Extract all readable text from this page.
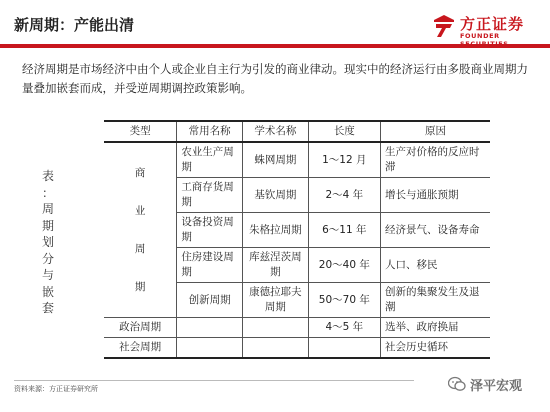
新周期：产能出清	方正证券
FOUNDER
经济周期是市场经济中由个人或企业自主行为引发的商业律动。现实中的经济运行由多股商业周期力量叠加嵌套而成，并受逆周期调控政策影响。
表
：
周
期
划
分
与
嵌
套
类型	常用名称	学术名称	长度	原因

商
业
周
期	农业生产周期	蛛网周期	1～12 月	生产对价格的反应时滞
	工商存货周期	基钦周期	2～4 年	增长与通胀预期
	设备投资周期	朱格拉周期	6～11 年	经济景气、设备寿命
	住房建设周期	库兹涅茨周期	20～40 年	人口、移民
	创新周期	康德拉耶夫周期	50～70 年	创新的集聚发生及退潮
政治周期			4～5 年	选举、政府换届
社会周期				社会历史循环
资料来源：方正证券研究所	泽平宏观
